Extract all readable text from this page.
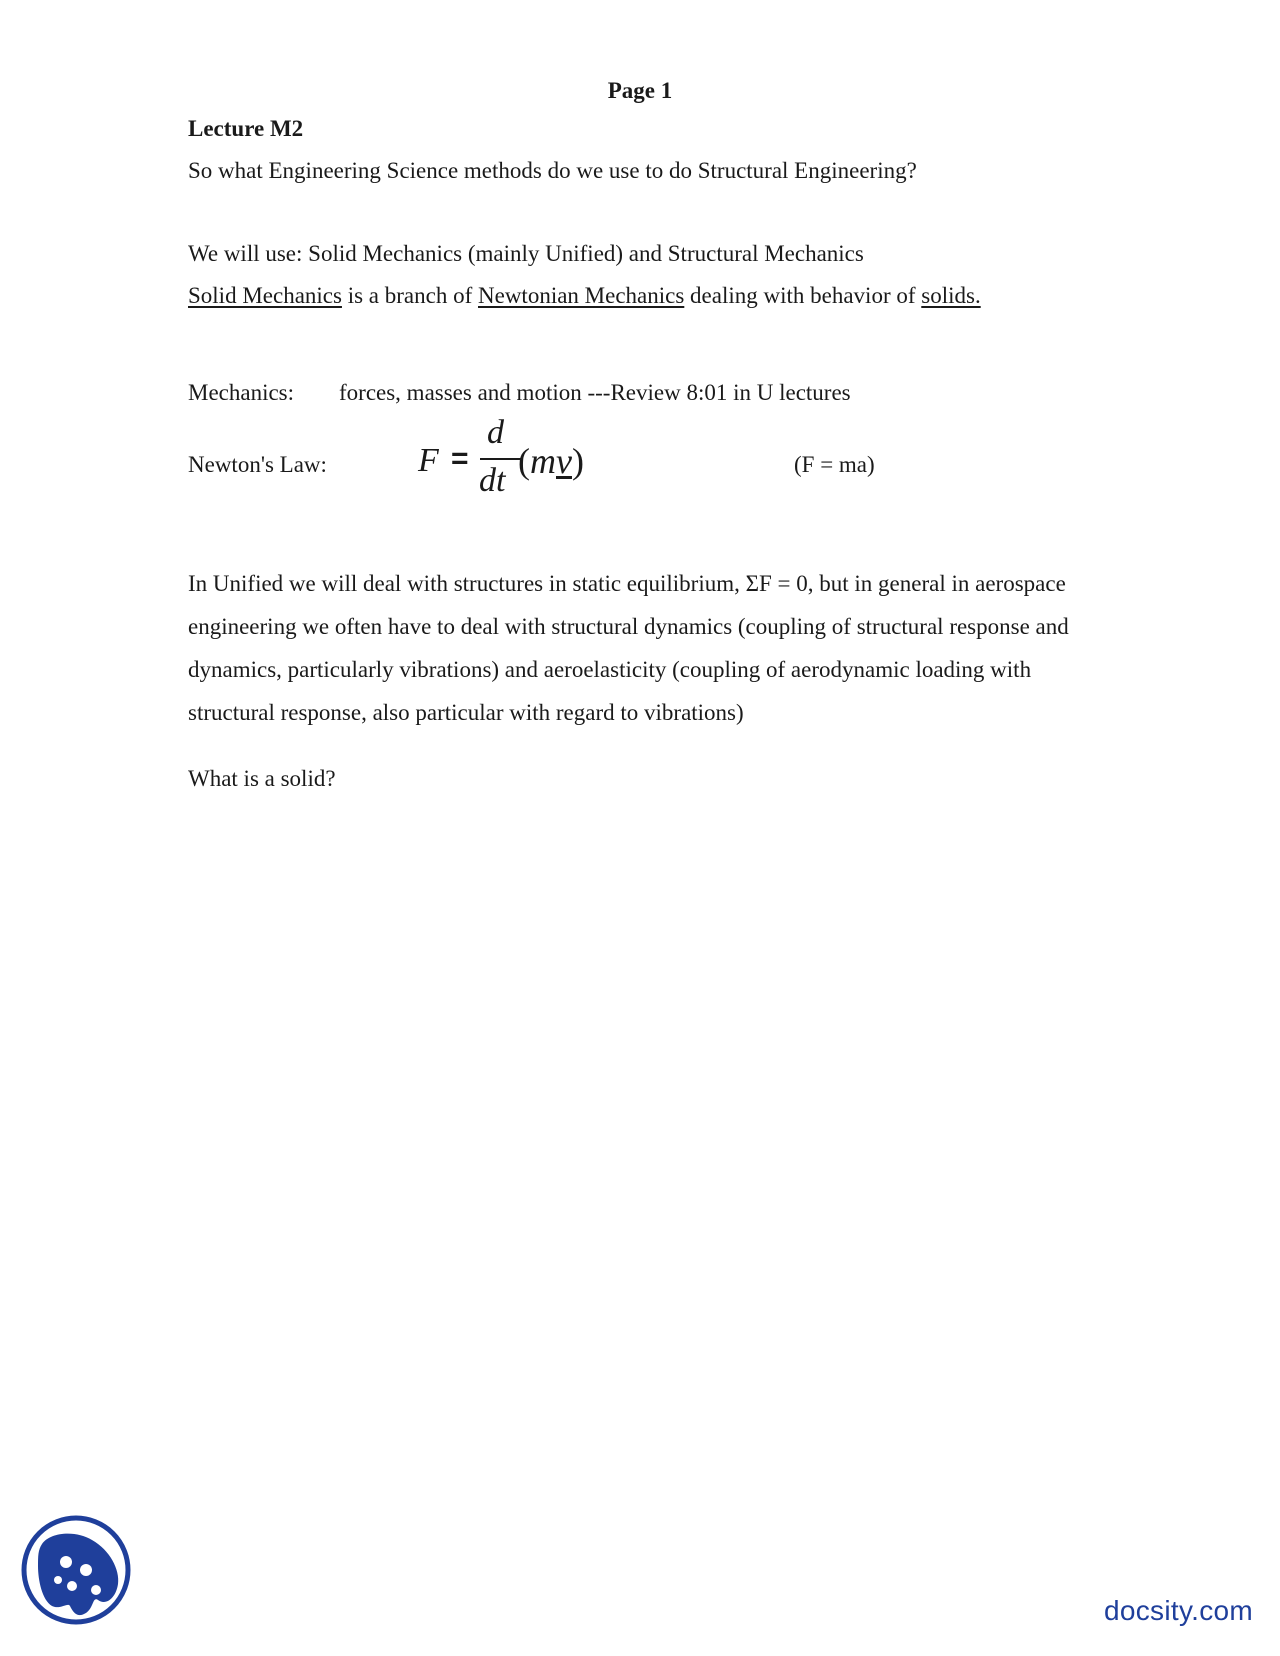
Page 1
Lecture M2
So what Engineering Science methods do we use to do Structural Engineering?
We will use: Solid Mechanics (mainly Unified) and Structural Mechanics
Solid Mechanics is a branch of Newtonian Mechanics dealing with behavior of solids.
Mechanics: forces, masses and motion ---Review 8:01 in U lectures
Newton's Law:	F =
d
dt (mv)	(F = ma)
In Unified we will deal with structures in static equilibrium, ΣF = 0, but in general in aerospace engineering we often have to deal with structural dynamics (coupling of structural response and dynamics, particularly vibrations) and aeroelasticity (coupling of aerodynamic loading with structural response, also particular with regard to vibrations)
What is a solid?
docsity.com
